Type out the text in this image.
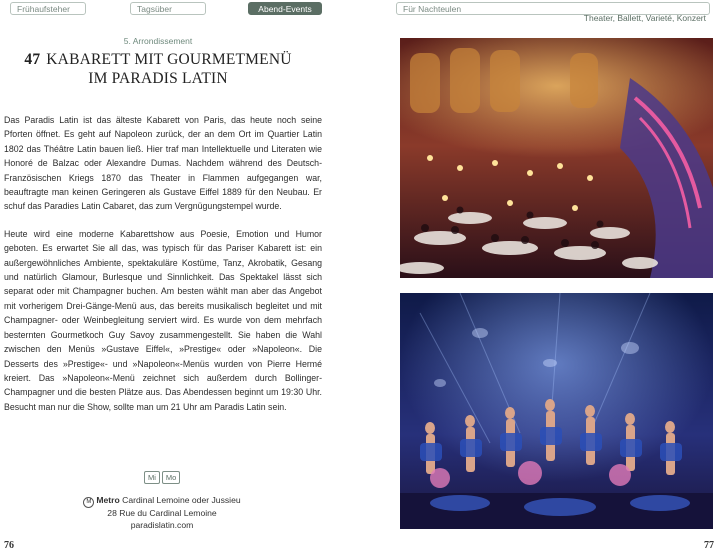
Frühaufsteher	Tagsüber	Abend-Events	Für Nachteulen
Theater, Ballett, Varieté, Konzert
5. Arrondissement
47 KABARETT MIT GOURMETMENÜ
IM PARADIS LATIN

Das Paradis Latin ist das älteste Kabarett von Paris, das heute noch seine Pforten öffnet. Es geht auf Napoleon zurück, der an dem Ort im Quartier Latin 1802 das Théâtre Latin bauen ließ. Hier traf man Intellektuelle und Literaten wie Honoré de Balzac oder Alexandre Dumas. Nachdem während des Deutsch-Französischen Kriegs 1870 das Theater in Flammen aufgegangen war, beauftragte man keinen Geringeren als Gustave Eiffel 1889 für den Neubau. Er schuf das Paradies Latin Cabaret, das zum Vergnügungstempel wurde.

Heute wird eine moderne Kabarettshow aus Poesie, Emotion und Humor geboten. Es erwartet Sie all das, was typisch für das Pariser Kabarett ist: ein außergewöhnliches Ambiente, spektakuläre Kostüme, Tanz, Akrobatik, Gesang und natürlich Glamour, Burlesque und Sinnlichkeit. Das Spektakel lässt sich separat oder mit Champagner buchen. Am besten wählt man aber das Angebot mit vorherigem Drei-Gänge-Menü aus, das bereits musikalisch begleitet und mit Champagner- oder Weinbegleitung serviert wird. Es wurde von dem mehrfach besternten Gourmetkoch Guy Savoy zusammengestellt. Sie haben die Wahl zwischen den Menüs »Gustave Eiffel«, »Prestige« oder »Napoleon«. Die Desserts des »Prestige«- und »Napoleon«-Menüs wurden von Pierre Hermé kreiert. Das »Napoleon«-Menü zeichnet sich außerdem durch Bollinger-Champagner und die besten Plätze aus. Das Abendessen beginnt um 19:30 Uhr. Besucht man nur die Show, sollte man um 21 Uhr am Paradis Latin sein.

Mi	Mo
M Metro Cardinal Lemoine oder Jussieu
28 Rue du Cardinal Lemoine
paradislatin.com
76	77
